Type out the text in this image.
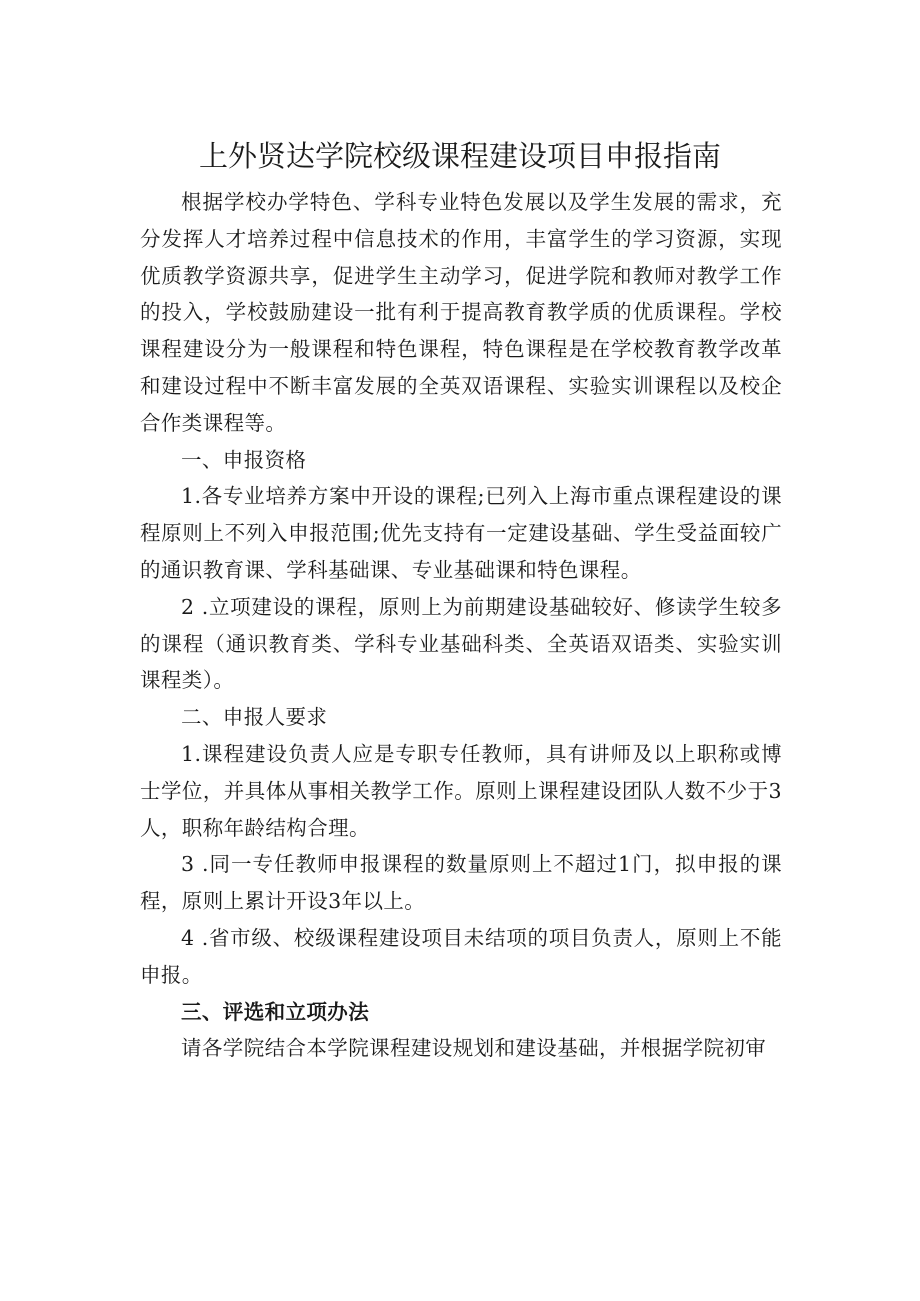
上外贤达学院校级课程建设项目申报指南

根据学校办学特色、学科专业特色发展以及学生发展的需求，充分发挥人才培养过程中信息技术的作用，丰富学生的学习资源，实现优质教学资源共享，促进学生主动学习，促进学院和教师对教学工作的投入，学校鼓励建设一批有利于提高教育教学质的优质课程。学校课程建设分为一般课程和特色课程，特色课程是在学校教育教学改革和建设过程中不断丰富发展的全英双语课程、实验实训课程以及校企合作类课程等。

一、申报资格

1.各专业培养方案中开设的课程;已列入上海市重点课程建设的课程原则上不列入申报范围;优先支持有一定建设基础、学生受益面较广的通识教育课、学科基础课、专业基础课和特色课程。

2 .立项建设的课程，原则上为前期建设基础较好、修读学生较多的课程（通识教育类、学科专业基础科类、全英语双语类、实验实训课程类）。

二、申报人要求

1.课程建设负责人应是专职专任教师，具有讲师及以上职称或博士学位，并具体从事相关教学工作。原则上课程建设团队人数不少于3人，职称年龄结构合理。

3 .同一专任教师申报课程的数量原则上不超过1门，拟申报的课程，原则上累计开设3年以上。

4 .省市级、校级课程建设项目未结项的项目负责人，原则上不能申报。

三、评选和立项办法

请各学院结合本学院课程建设规划和建设基础，并根据学院初审
